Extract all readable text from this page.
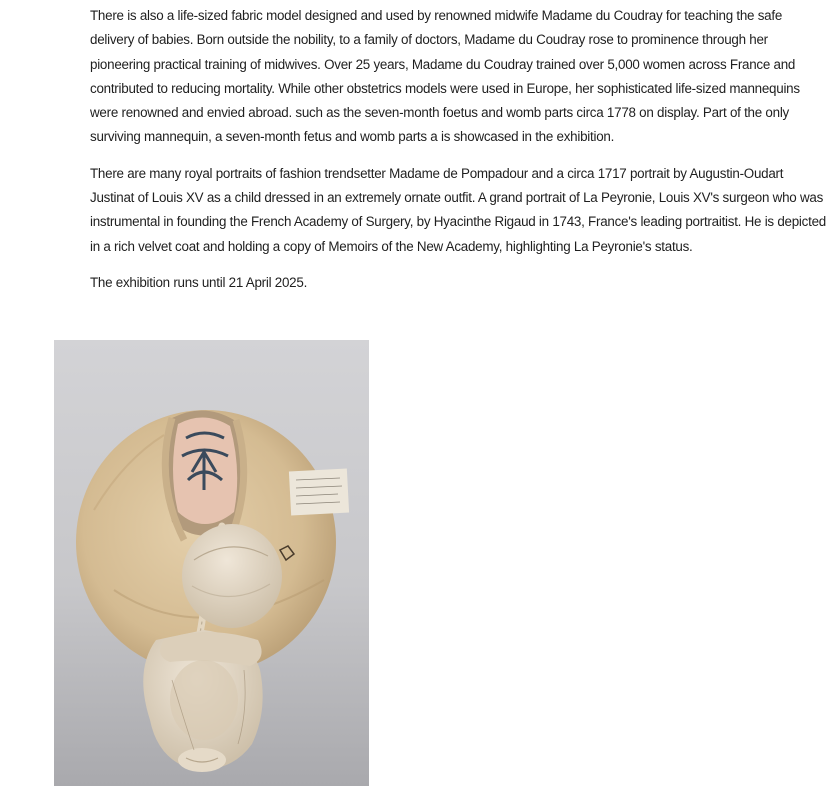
There is also a life-sized fabric model designed and used by renowned midwife Madame du Coudray for teaching the safe delivery of babies. Born outside the nobility, to a family of doctors, Madame du Coudray rose to prominence through her pioneering practical training of midwives. Over 25 years, Madame du Coudray trained over 5,000 women across France and contributed to reducing mortality. While other obstetrics models were used in Europe, her sophisticated life-sized mannequins were renowned and envied abroad. such as the seven-month foetus and womb parts circa 1778 on display. Part of the only surviving mannequin, a seven-month fetus and womb parts a is showcased in the exhibition.

There are many royal portraits of fashion trendsetter Madame de Pompadour and a circa 1717 portrait by Augustin-Oudart Justinat of Louis XV as a child dressed in an extremely ornate outfit. A grand portrait of La Peyronie, Louis XV's surgeon who was instrumental in founding the French Academy of Surgery, by Hyacinthe Rigaud in 1743, France's leading portraitist. He is depicted in a rich velvet coat and holding a copy of Memoirs of the New Academy, highlighting La Peyronie's status.

The exhibition runs until 21 April 2025.
